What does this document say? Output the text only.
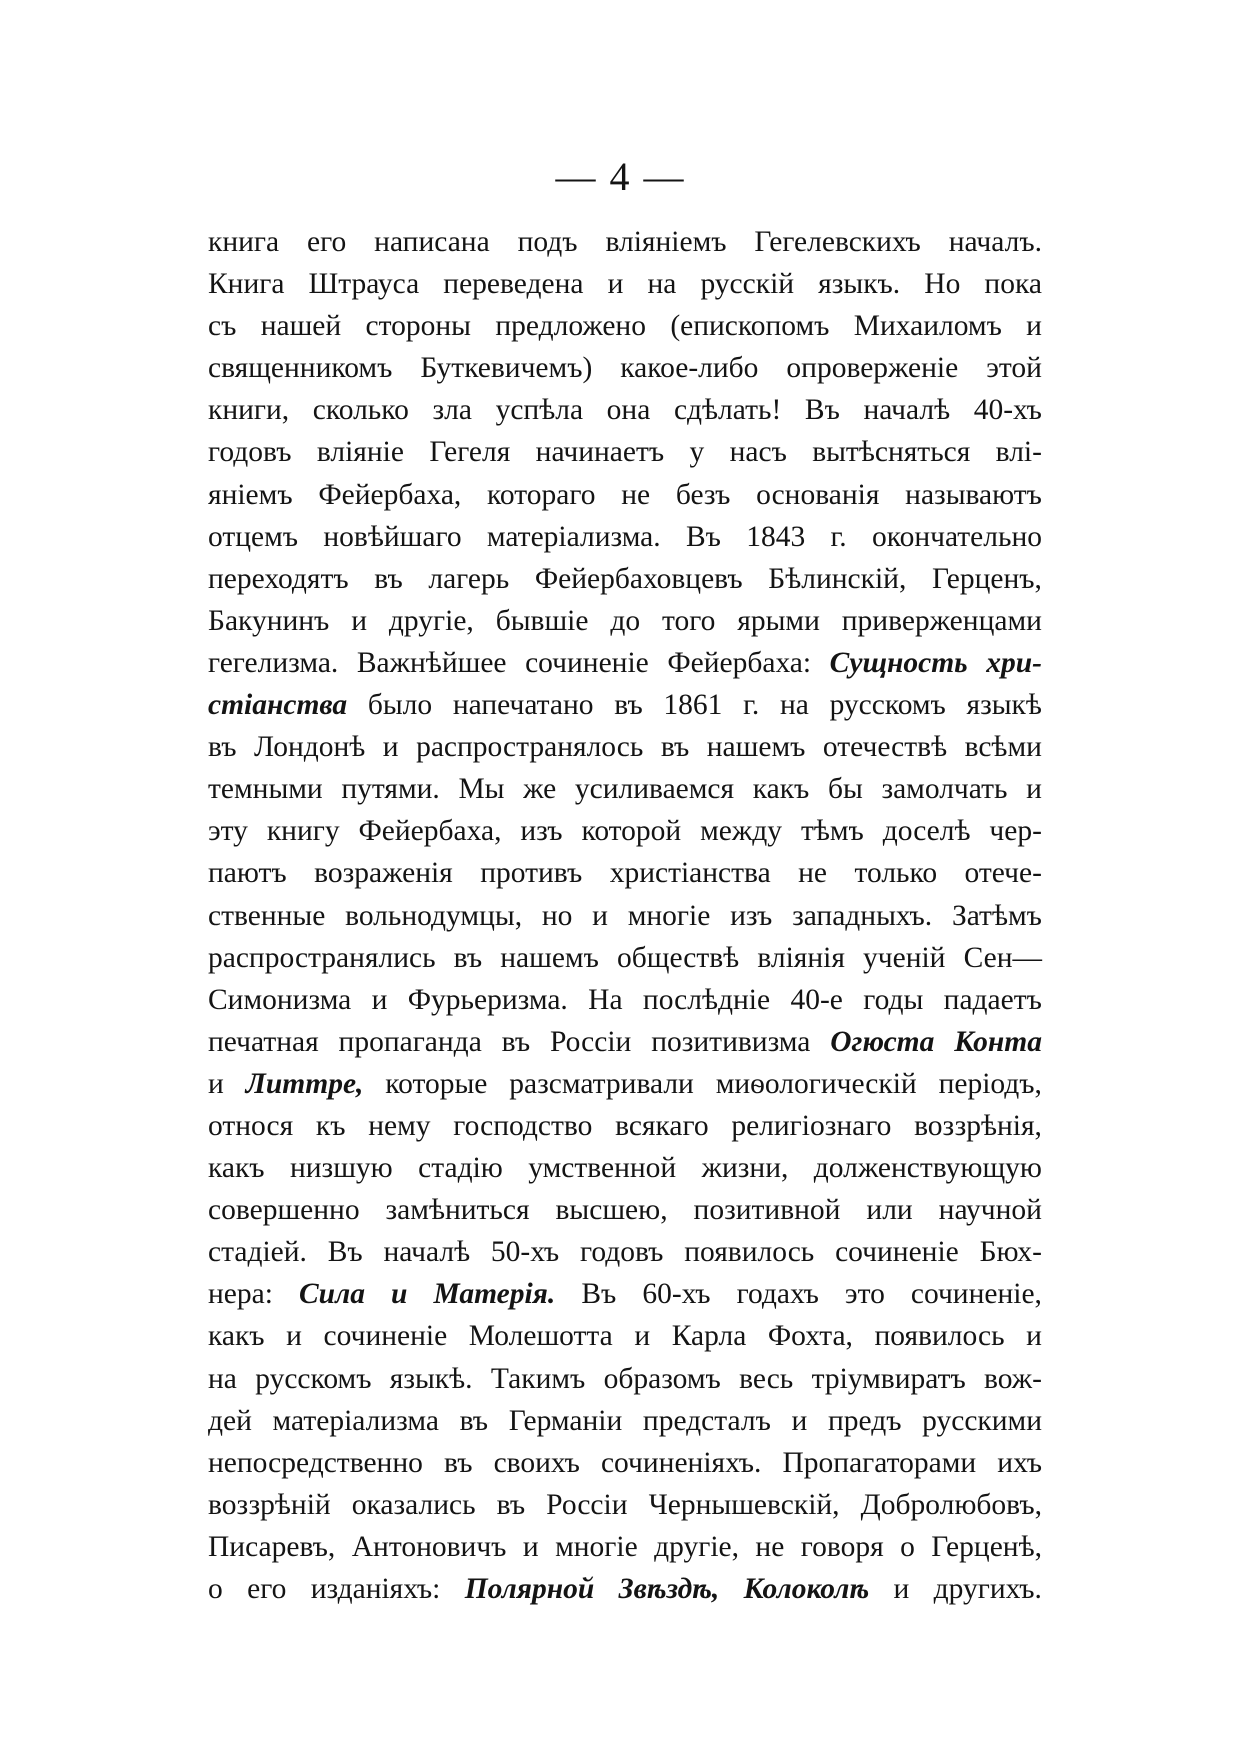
— 4 —
книга его написана подъ вліяніемъ Гегелевскихъ началъ.
Книга Штрауса переведена и на русскій языкъ. Но пока
съ нашей стороны предложено (епископомъ Михаиломъ и
священникомъ Буткевичемъ) какое-либо опроверженіе этой
книги, сколько зла успѣла она сдѣлать! Въ началѣ 40-хъ
годовъ вліяніе Гегеля начинаетъ у насъ вытѣсняться влі-
яніемъ Фейербаха, котораго не безъ основанія называютъ
отцемъ новѣйшаго матеріализма. Въ 1843 г. окончательно
переходятъ въ лагерь Фейербаховцевъ Бѣлинскій, Герценъ,
Бакунинъ и другіе, бывшіе до того ярыми приверженцами
гегелизма. Важнѣйшее сочиненіе Фейербаха: Сущность хри-
стіанства было напечатано въ 1861 г. на русскомъ языкѣ
въ Лондонѣ и распространялось въ нашемъ отечествѣ всѣми
темными путями. Мы же усиливаемся какъ бы замолчать и
эту книгу Фейербаха, изъ которой между тѣмъ доселѣ чер-
паютъ возраженія противъ христіанства не только отече-
ственные вольнодумцы, но и многіе изъ западныхъ. Затѣмъ
распространялись въ нашемъ обществѣ вліянія ученій Сен—
Симонизма и Фурьеризма. На послѣдніе 40-е годы падаетъ
печатная пропаганда въ Россіи позитивизма Огюста Конта
и Литтре, которые разсматривали миѳологическій періодъ,
относя къ нему господство всякаго религіознаго воззрѣнія,
какъ низшую стадію умственной жизни, долженствующую
совершенно замѣниться высшею, позитивной или научной
стадіей. Въ началѣ 50-хъ годовъ появилось сочиненіе Бюх-
нера: Сила и Матерія. Въ 60-хъ годахъ это сочиненіе,
какъ и сочиненіе Молешотта и Карла Фохта, появилось и
на русскомъ языкѣ. Такимъ образомъ весь тріумвиратъ вож-
дей матеріализма въ Германіи предсталъ и предъ русскими
непосредственно въ своихъ сочиненіяхъ. Пропагаторами ихъ
воззрѣній оказались въ Россіи Чернышевскій, Добролюбовъ,
Писаревъ, Антоновичъ и многіе другіе, не говоря о Герценѣ,
о его изданіяхъ: Полярной Звѣздѣ, Колоколѣ и другихъ.
